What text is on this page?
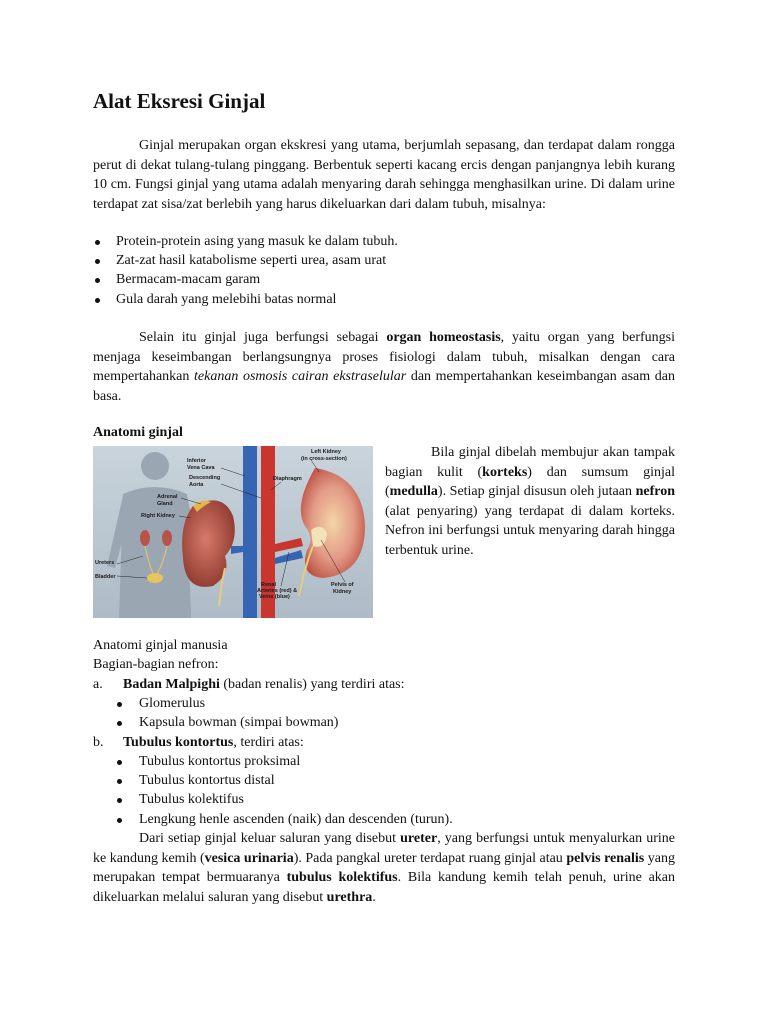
Alat Eksresi Ginjal

Ginjal merupakan organ ekskresi yang utama, berjumlah sepasang, dan terdapat dalam rongga perut di dekat tulang-tulang pinggang. Berbentuk seperti kacang ercis dengan panjangnya lebih kurang 10 cm. Fungsi ginjal yang utama adalah menyaring darah sehingga menghasilkan urine. Di dalam urine terdapat zat sisa/zat berlebih yang harus dikeluarkan dari dalam tubuh, misalnya:

Protein-protein asing yang masuk ke dalam tubuh.
Zat-zat hasil katabolisme seperti urea, asam urat
Bermacam-macam garam
Gula darah yang melebihi batas normal

Selain itu ginjal juga berfungsi sebagai organ homeostasis, yaitu organ yang berfungsi menjaga keseimbangan berlangsungnya proses fisiologi dalam tubuh, misalkan dengan cara mempertahankan tekanan osmosis cairan ekstraselular dan mempertahankan keseimbangan asam dan basa.

Anatomi ginjal
Inferior
Vena Cava
Descending
Aorta
Adrenal
Gland
Right Kidney
Ureters
Bladder
Left Kidney
(in cross-section)
Diaphragm
Renal
Arteries (red) &
Veins (blue)
Pelvis of
Kidney

Bila ginjal dibelah membujur akan tampak bagian kulit (korteks) dan sumsum ginjal (medulla). Setiap ginjal disusun oleh jutaan nefron (alat penyaring) yang terdapat di dalam korteks. Nefron ini berfungsi untuk menyaring darah hingga terbentuk urine.

Anatomi ginjal manusia
Bagian-bagian nefron:
a. Badan Malpighi (badan renalis) yang terdiri atas:
Glomerulus
Kapsula bowman (simpai bowman)
b. Tubulus kontortus, terdiri atas:
Tubulus kontortus proksimal
Tubulus kontortus distal
Tubulus kolektifus
Lengkung henle ascenden (naik) dan descenden (turun).

Dari setiap ginjal keluar saluran yang disebut ureter, yang berfungsi untuk menyalurkan urine ke kandung kemih (vesica urinaria). Pada pangkal ureter terdapat ruang ginjal atau pelvis renalis yang merupakan tempat bermuaranya tubulus kolektifus. Bila kandung kemih telah penuh, urine akan dikeluarkan melalui saluran yang disebut urethra.
